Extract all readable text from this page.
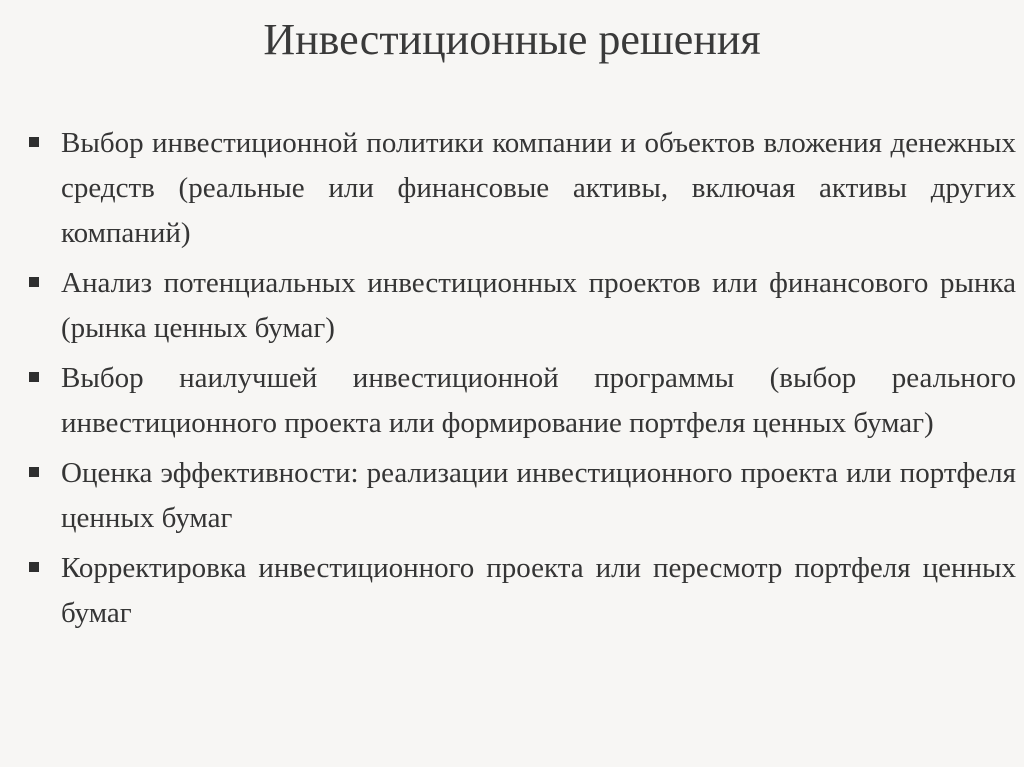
Инвестиционные решения
Выбор инвестиционной политики компании и объектов вложения денежных средств (реальные или финансовые активы, включая активы других компаний)
Анализ потенциальных инвестиционных проектов или финансового рынка (рынка ценных бумаг)
Выбор наилучшей инвестиционной программы (выбор реального инвестиционного проекта или формирование портфеля ценных бумаг)
Оценка эффективности: реализации инвестиционного проекта или портфеля ценных бумаг
Корректировка инвестиционного проекта или пересмотр портфеля ценных бумаг
